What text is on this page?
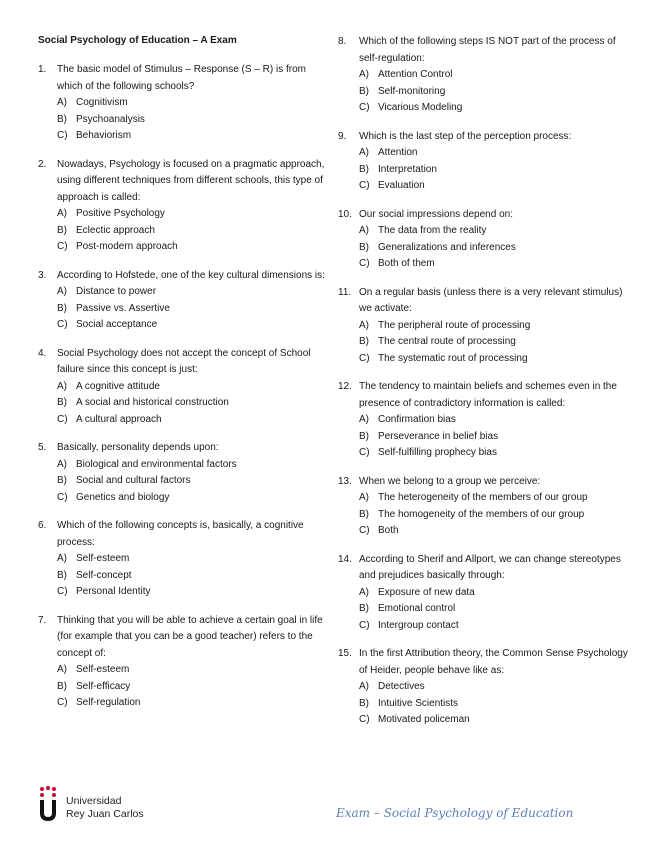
Social Psychology of Education – A Exam
1.	The basic model of Stimulus – Response (S – R) is from which of the following schools?
A) Cognitivism
B) Psychoanalysis
C) Behaviorism
2.	Nowadays, Psychology is focused on a pragmatic approach, using different techniques from different schools, this type of approach is called:
A) Positive Psychology
B) Eclectic approach
C) Post-modern approach
3.	According to Hofstede, one of the key cultural dimensions is:
A) Distance to power
B) Passive vs. Assertive
C) Social acceptance
4.	Social Psychology does not accept the concept of School failure since this concept is just:
A) A cognitive attitude
B) A social and historical construction
C) A cultural approach
5.	Basically, personality depends upon:
A) Biological and environmental factors
B) Social and cultural factors
C) Genetics and biology
6.	Which of the following concepts is, basically, a cognitive process:
A) Self-esteem
B) Self-concept
C) Personal Identity
7.	Thinking that you will be able to achieve a certain goal in life (for example that you can be a good teacher) refers to the concept of:
A) Self-esteem
B) Self-efficacy
C) Self-regulation
8.	Which of the following steps IS NOT part of the process of self-regulation:
A) Attention Control
B) Self-monitoring
C) Vicarious Modeling
9.	Which is the last step of the perception process:
A) Attention
B) Interpretation
C) Evaluation
10. Our social impressions depend on:
A) The data from the reality
B) Generalizations and inferences
C) Both of them
11. On a regular basis (unless there is a very relevant stimulus) we activate:
A) The peripheral route of processing
B) The central route of processing
C) The systematic rout of processing
12. The tendency to maintain beliefs and schemes even in the presence of contradictory information is called:
A) Confirmation bias
B) Perseverance in belief bias
C) Self-fulfilling prophecy bias
13. When we belong to a group we perceive:
A) The heterogeneity of the members of our group
B) The homogeneity of the members of our group
C) Both
14. According to Sherif and Allport, we can change stereotypes and prejudices basically through:
A) Exposure of new data
B) Emotional control
C) Intergroup contact
15. In the first Attribution theory, the Common Sense Psychology of Heider, people behave like as:
A) Detectives
B) Intuitive Scientists
C) Motivated policeman
Universidad
Rey Juan Carlos	Exam – Social Psychology of Education
